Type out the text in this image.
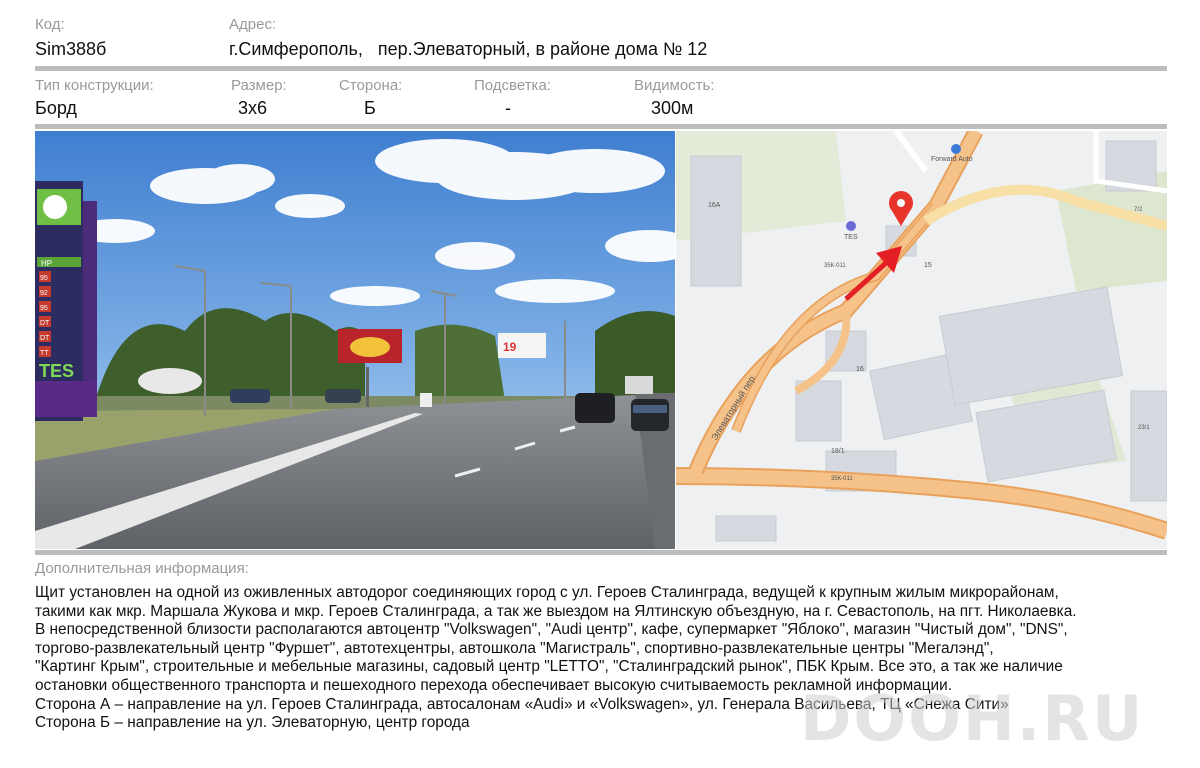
Код:
Sim388б
Адрес:
г.Симферополь,   пер.Элеваторный, в районе дома № 12
Тип конструкции:
Борд
Размер:
3х6
Сторона:
Б
Подсветка:
-
Видимость:
300м
HP
95
92
95
DT
DT
TT
TES
19
Forward Auto
TES
35К-011
35К-011
16А
15
16
18/1
23/1
7/2
Элеваторный пер.
Дополнительная информация:
Щит установлен на одной из оживленных автодорог соединяющих город с ул. Героев Сталинграда, ведущей к крупным жилым микрорайонам,
такими как мкр. Маршала Жукова и мкр. Героев Сталинграда, а так же выездом на Ялтинскую объездную, на г. Севастополь, на пгт. Николаевка.
В непосредственной близости располагаются автоцентр "Volkswagen", "Audi центр", кафе, супермаркет "Яблоко", магазин "Чистый дом", "DNS",
торгово-развлекательный центр "Фуршет", автотехцентры, автошкола "Магистраль", спортивно-развлекательные центры "Мегалэнд",
"Картинг Крым", строительные и мебельные магазины, садовый центр "LETTO", "Сталинградский рынок", ПБК Крым. Все это, а так же наличие
остановки общественного транспорта и пешеходного перехода обеспечивает высокую считываемость рекламной информации.
Сторона А – направление на ул. Героев Сталинграда, автосалонам «Audi» и «Volkswagen», ул. Генерала Васильева, ТЦ «Снежа Сити»
Сторона Б – направление на ул. Элеваторную, центр города	DOOH.RU
